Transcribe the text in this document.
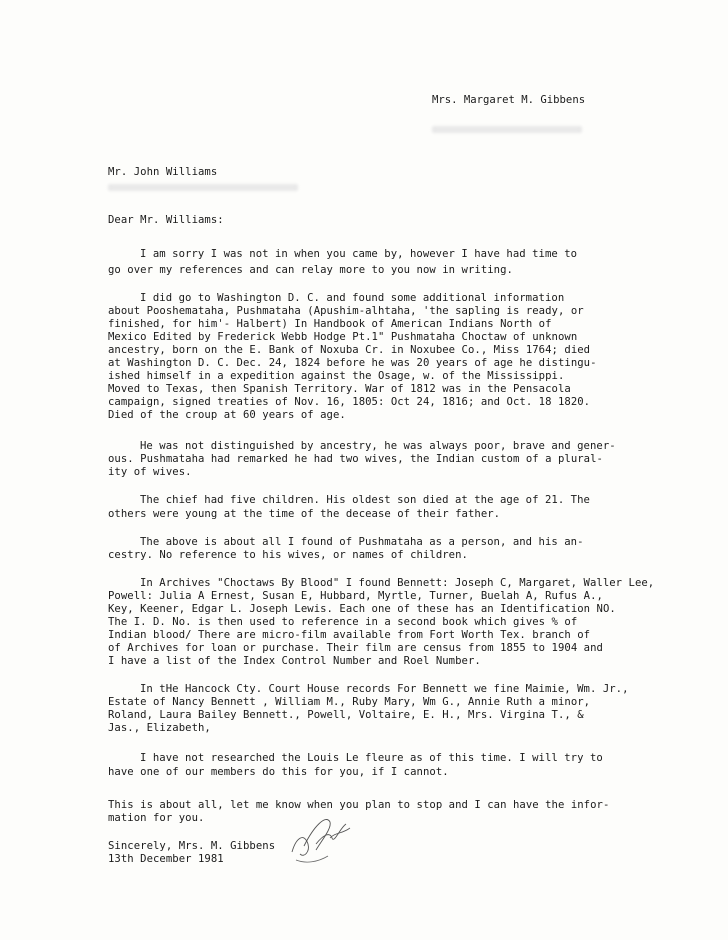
Mrs. Margaret M. Gibbens
Mr. John Williams
Dear Mr. Williams:
I am sorry I was not in when you came by, however I have had time to
go over my references and can relay more to you now in writing.
I did go to Washington D. C. and found some additional information
about Pooshemataha, Pushmataha (Apushim-alhtaha, 'the sapling is ready, or
finished, for him'- Halbert) In Handbook of American Indians North of
Mexico Edited by Frederick Webb Hodge Pt.1" Pushmataha Choctaw of unknown
ancestry, born on the E. Bank of Noxuba Cr. in Noxubee Co., Miss 1764; died
at Washington D. C. Dec. 24, 1824 before he was 20 years of age he distingu-
ished himself in a expedition against the Osage, w. of the Mississippi.
Moved to Texas, then Spanish Territory. War of 1812 was in the Pensacola
campaign, signed treaties of Nov. 16, 1805: Oct 24, 1816; and Oct. 18 1820.
Died of the croup at 60 years of age.
He was not distinguished by ancestry, he was always poor, brave and gener-
ous. Pushmataha had remarked he had two wives, the Indian custom of a plural-
ity of wives.
The chief had five children. His oldest son died at the age of 21. The
others were young at the time of the decease of their father.
The above is about all I found of Pushmataha as a person, and his an-
cestry. No reference to his wives, or names of children.
In Archives "Choctaws By Blood" I found Bennett: Joseph C, Margaret, Waller Lee,
Powell: Julia A Ernest, Susan E, Hubbard, Myrtle, Turner, Buelah A, Rufus A.,
Key, Keener, Edgar L. Joseph Lewis. Each one of these has an Identification NO.
The I. D. No. is then used to reference in a second book which gives % of
Indian blood/ There are micro-film available from Fort Worth Tex. branch of
of Archives for loan or purchase. Their film are census from 1855 to 1904 and
I have a list of the Index Control Number and Roel Number.
In tHe Hancock Cty. Court House records For Bennett we fine Maimie, Wm. Jr.,
Estate of Nancy Bennett , William M., Ruby Mary, Wm G., Annie Ruth a minor,
Roland, Laura Bailey Bennett., Powell, Voltaire, E. H., Mrs. Virgina T., &
Jas., Elizabeth,
I have not researched the Louis Le fleure as of this time. I will try to
have one of our members do this for you, if I cannot.
This is about all, let me know when you plan to stop and I can have the infor-
mation for you.
Sincerely, Mrs. M. Gibbens
13th December 1981
